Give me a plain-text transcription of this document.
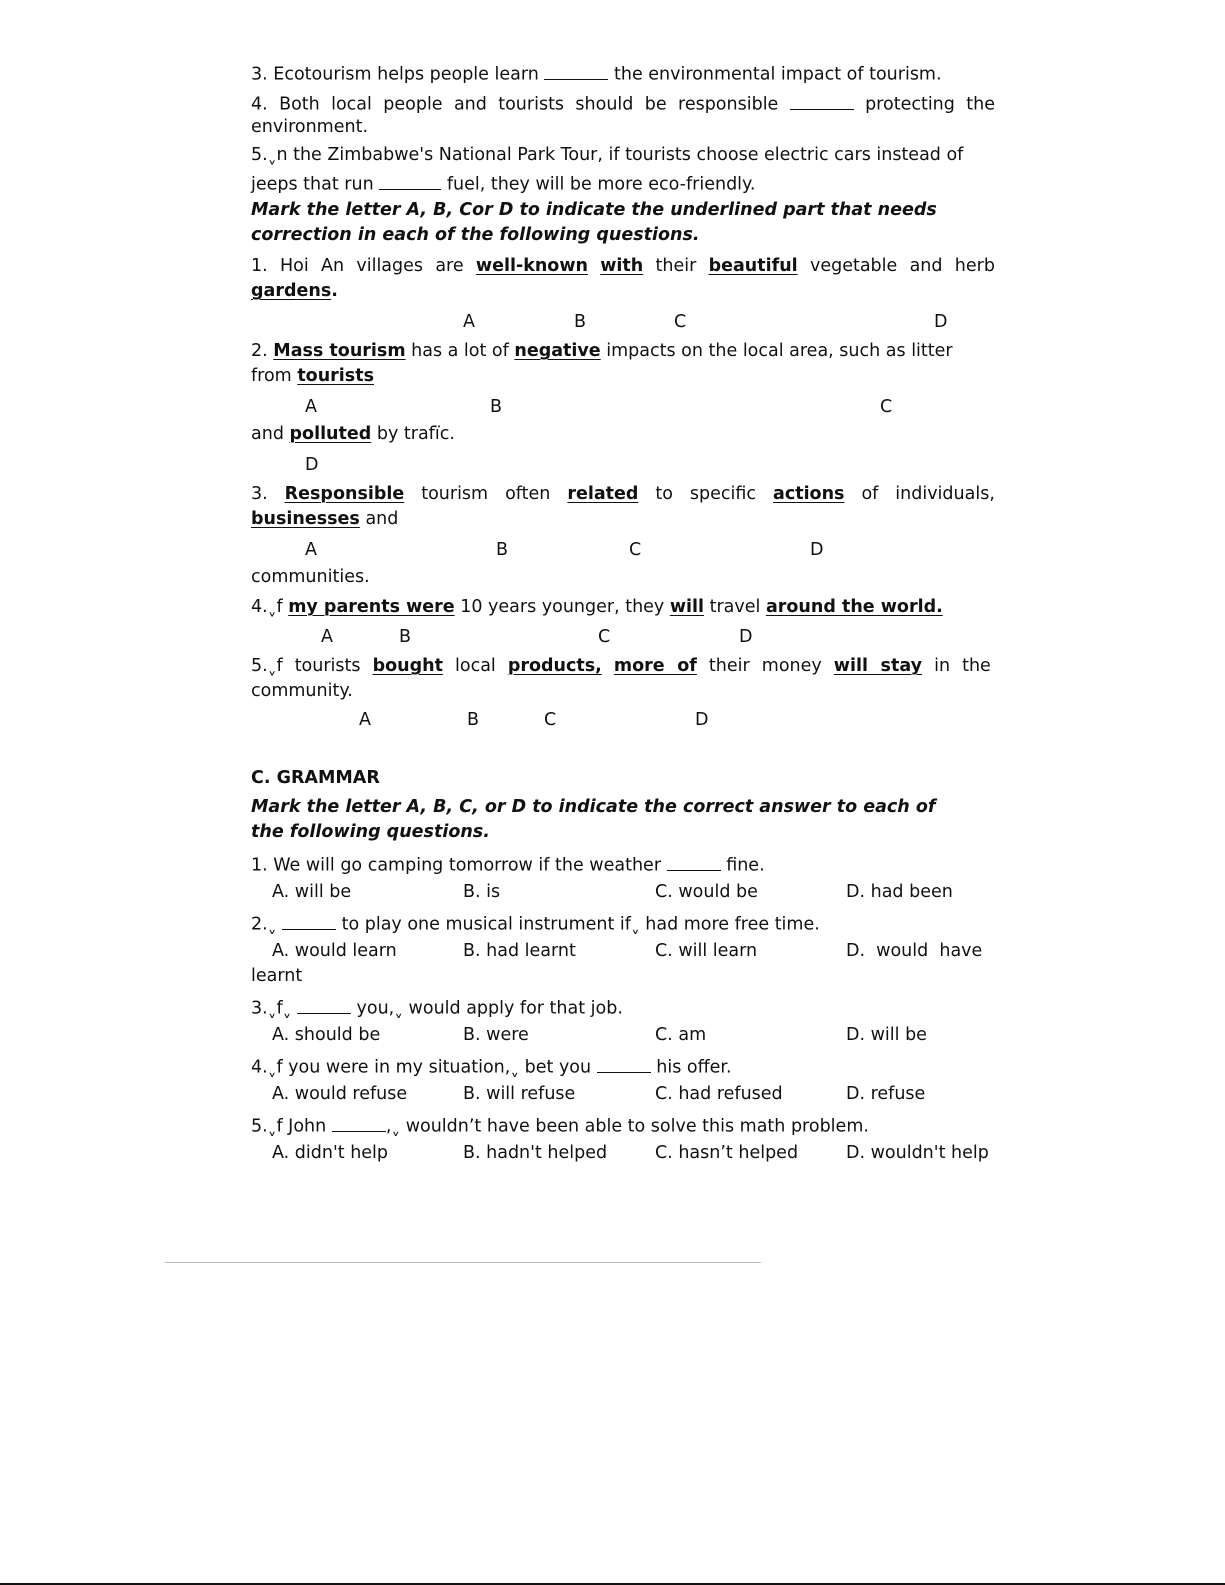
3. Ecotourism helps people learn	the environmental impact of tourism.
4. Both local people and tourists should be responsible	protecting the
environment.
5.ˬn the Zimbabwe's National Park Tour, if tourists choose electric cars instead of
jeeps that run	fuel, they will be more eco-friendly.
Mark the letter A, B, Cor D to indicate the underlined part that needs
correction in each of the following questions.
1. Hoi An villages are well-known with their beautiful vegetable and herb
gardens.
A	B	C	D
2. Mass tourism has a lot of negative impacts on the local area, such as litter
from tourists
A	B	C
and polluted by trafïc.
D
3. Responsible tourism often related to specific actions of individuals,
businesses and
A	B	C	D
communities.
4.ˬf my parents were 10 years younger, they will travel around the world.
A	B	C	D
5.ˬf tourists bought local products, more of their money will stay in the
community.
A	B	C	D
C. GRAMMAR
Mark the letter A, B, C, or D to indicate the correct answer to each of
the following questions.
1. We will go camping tomorrow if the weather	fine.
A. will be	B. is	C. would be	D. had been
2.ˬ	to play one musical instrument ifˬ had more free time.
A. would learn	B. had learnt	C. will learn	D.  would  have
learnt
3.ˬfˬ	you,ˬ would apply for that job.
A. should be	B. were	C. am	D. will be
4.ˬf you were in my situation,ˬ bet you	his offer.
A. would refuse	B. will refuse	C. had refused	D. refuse
5.ˬf John	,ˬ wouldn’t have been able to solve this math problem.
A. didn't help	B. hadn't helped	C. hasn’t helped	D. wouldn't help
